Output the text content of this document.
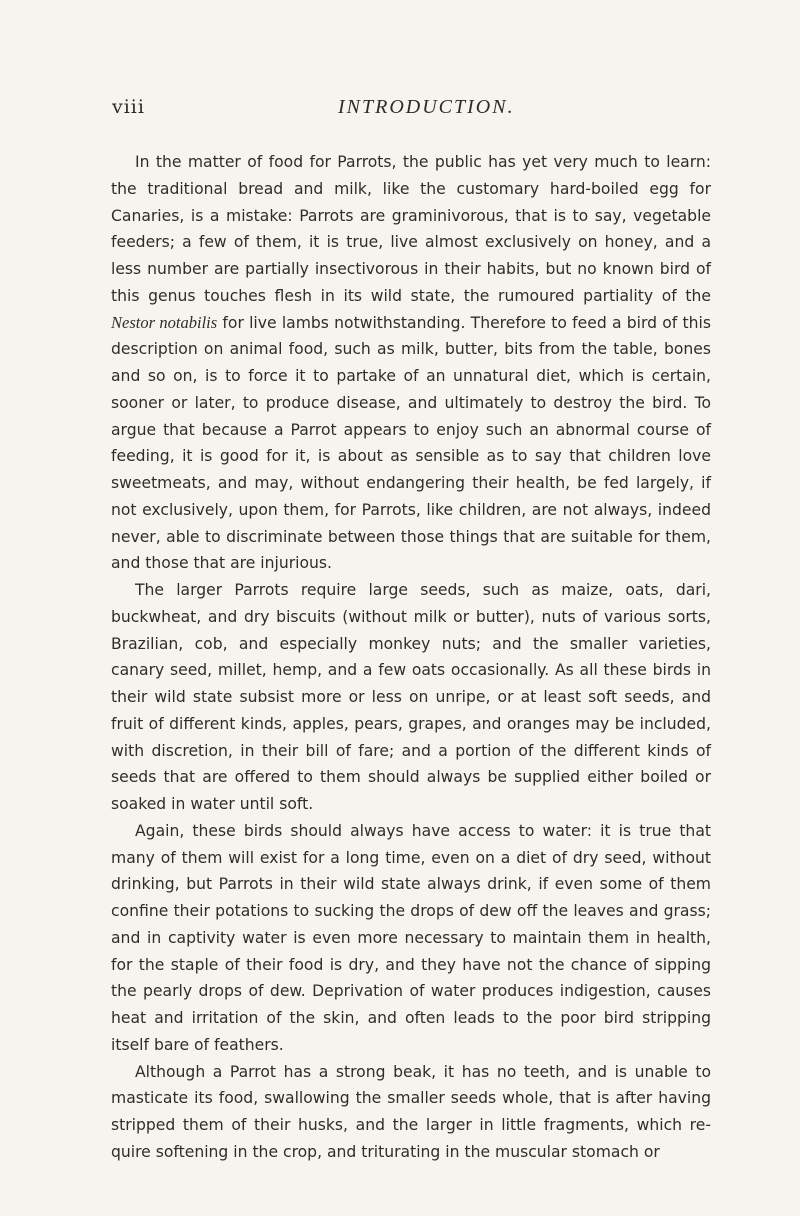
viii	INTRODUCTION.

In the matter of food for Parrots, the public has yet very much to learn: the traditional bread and milk, like the customary hard-boiled egg for Canaries, is a mistake: Parrots are graminivorous, that is to say, vegetable feeders; a few of them, it is true, live almost exclusively on honey, and a less number are partially insectivorous in their habits, but no known bird of this genus touches flesh in its wild state, the rumoured partiality of the Nestor notabilis for live lambs notwithstanding. Therefore to feed a bird of this description on animal food, such as milk, butter, bits from the table, bones and so on, is to force it to partake of an unnatural diet, which is certain, sooner or later, to produce disease, and ultimately to destroy the bird. To argue that because a Parrot appears to enjoy such an abnormal course of feeding, it is good for it, is about as sensible as to say that children love sweetmeats, and may, without endangering their health, be fed largely, if not exclusively, upon them, for Parrots, like children, are not always, indeed never, able to discriminate between those things that are suitable for them, and those that are injurious.

The larger Parrots require large seeds, such as maize, oats, dari, buckwheat, and dry biscuits (without milk or butter), nuts of various sorts, Brazilian, cob, and especially monkey nuts; and the smaller varieties, canary seed, millet, hemp, and a few oats occasionally. As all these birds in their wild state subsist more or less on unripe, or at least soft seeds, and fruit of different kinds, apples, pears, grapes, and oranges may be included, with discretion, in their bill of fare; and a portion of the different kinds of seeds that are offered to them should always be supplied either boiled or soaked in water until soft.

Again, these birds should always have access to water: it is true that many of them will exist for a long time, even on a diet of dry seed, without drinking, but Parrots in their wild state always drink, if even some of them confine their potations to sucking the drops of dew off the leaves and grass; and in captivity water is even more necessary to maintain them in health, for the staple of their food is dry, and they have not the chance of sipping the pearly drops of dew. Deprivation of water produces indigestion, causes heat and irritation of the skin, and often leads to the poor bird stripping itself bare of feathers.

Although a Parrot has a strong beak, it has no teeth, and is unable to masticate its food, swallowing the smaller seeds whole, that is after having stripped them of their husks, and the larger in little fragments, which require softening in the crop, and triturating in the muscular stomach or
